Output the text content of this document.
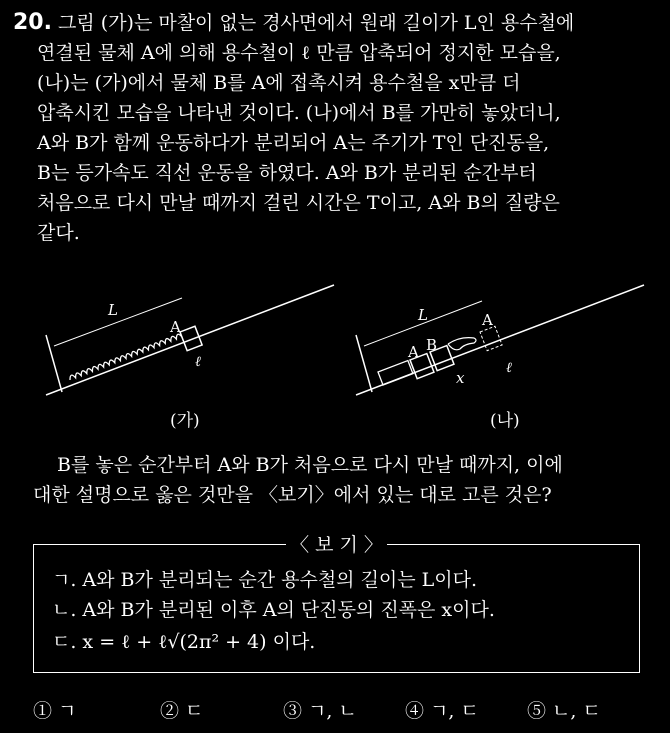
20. 그림 (가)는 마찰이 없는 경사면에서 원래 길이가 L인 용수철에
연결된 물체 A에 의해 용수철이 ℓ 만큼 압축되어 정지한 모습을,
(나)는 (가)에서 물체 B를 A에 접촉시켜 용수철을 x만큼 더
압축시킨 모습을 나타낸 것이다. (나)에서 B를 가만히 놓았더니,
A와 B가 함께 운동하다가 분리되어 A는 주기가 T인 단진동을,
B는 등가속도 직선 운동을 하였다. A와 B가 분리된 순간부터
처음으로 다시 만날 때까지 걸린 시간은 T이고, A와 B의 질량은
같다.
L
A
ℓ
(가)
L	A
A B
x
ℓ
(나)
B를 놓은 순간부터 A와 B가 처음으로 다시 만날 때까지, 이에
대한 설명으로 옳은 것만을 〈보기〉에서 있는 대로 고른 것은?
〈 보 기 〉
ㄱ. A와 B가 분리되는 순간 용수철의 길이는 L이다.
ㄴ. A와 B가 분리된 이후 A의 단진동의 진폭은 x이다.
ㄷ. x = ℓ + ℓ√(2π² + 4) 이다.
① ㄱ	② ㄷ	③ ㄱ, ㄴ	④ ㄱ, ㄷ	⑤ ㄴ, ㄷ
